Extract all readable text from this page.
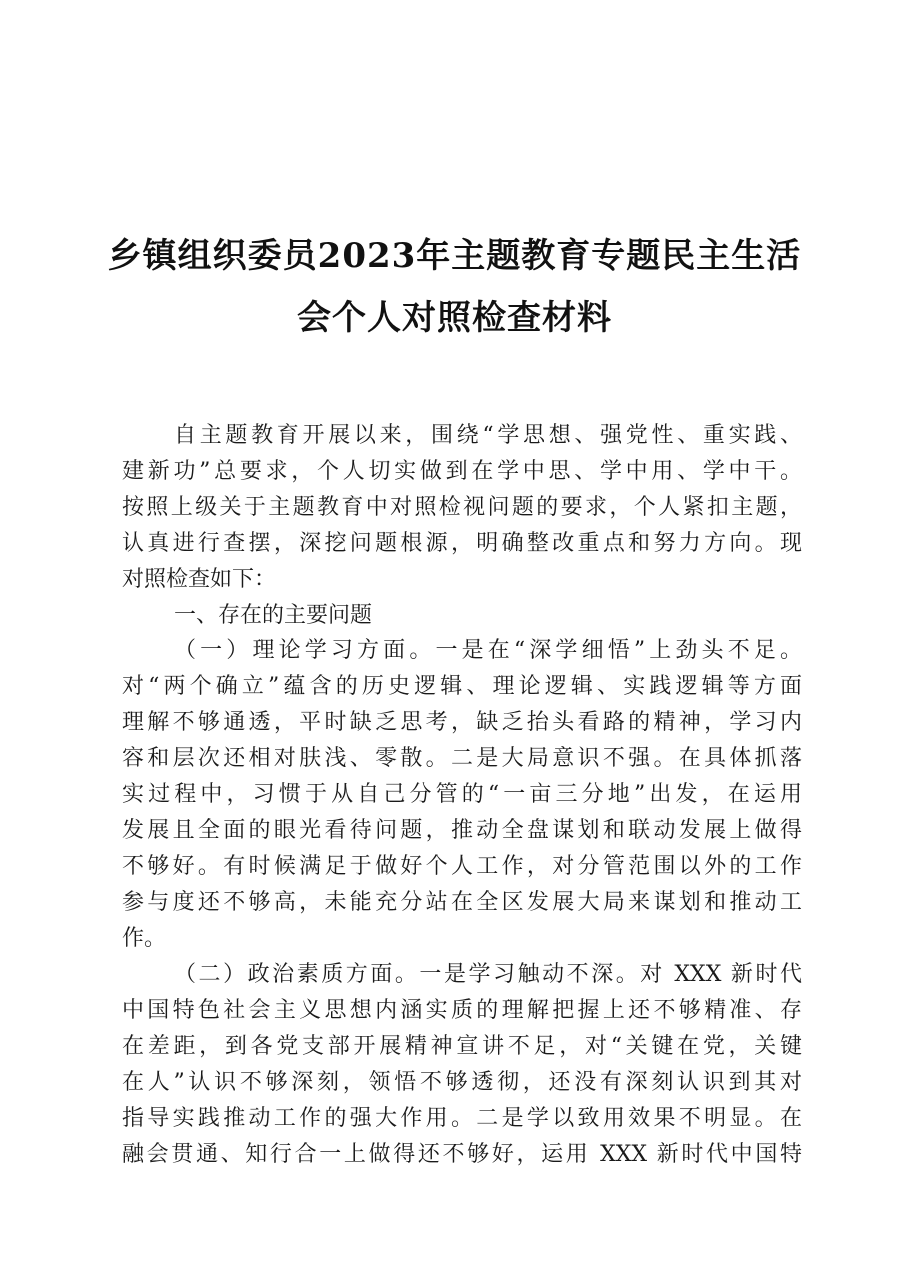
乡镇组织委员2023年主题教育专题民主生活
会个人对照检查材料
自主题教育开展以来，围绕“学思想、强党性、重实践、
建新功”总要求，个人切实做到在学中思、学中用、学中干。
按照上级关于主题教育中对照检视问题的要求，个人紧扣主题，
认真进行查摆，深挖问题根源，明确整改重点和努力方向。现
对照检查如下：
一、存在的主要问题
（一）理论学习方面。一是在“深学细悟”上劲头不足。
对“两个确立”蕴含的历史逻辑、理论逻辑、实践逻辑等方面
理解不够通透，平时缺乏思考，缺乏抬头看路的精神，学习内
容和层次还相对肤浅、零散。二是大局意识不强。在具体抓落
实过程中，习惯于从自己分管的“一亩三分地”出发，在运用
发展且全面的眼光看待问题，推动全盘谋划和联动发展上做得
不够好。有时候满足于做好个人工作，对分管范围以外的工作
参与度还不够高，未能充分站在全区发展大局来谋划和推动工
作。
（二）政治素质方面。一是学习触动不深。对 XXX 新时代
中国特色社会主义思想内涵实质的理解把握上还不够精准、存
在差距，到各党支部开展精神宣讲不足，对“关键在党，关键
在人”认识不够深刻，领悟不够透彻，还没有深刻认识到其对
指导实践推动工作的强大作用。二是学以致用效果不明显。在
融会贯通、知行合一上做得还不够好，运用 XXX 新时代中国特
